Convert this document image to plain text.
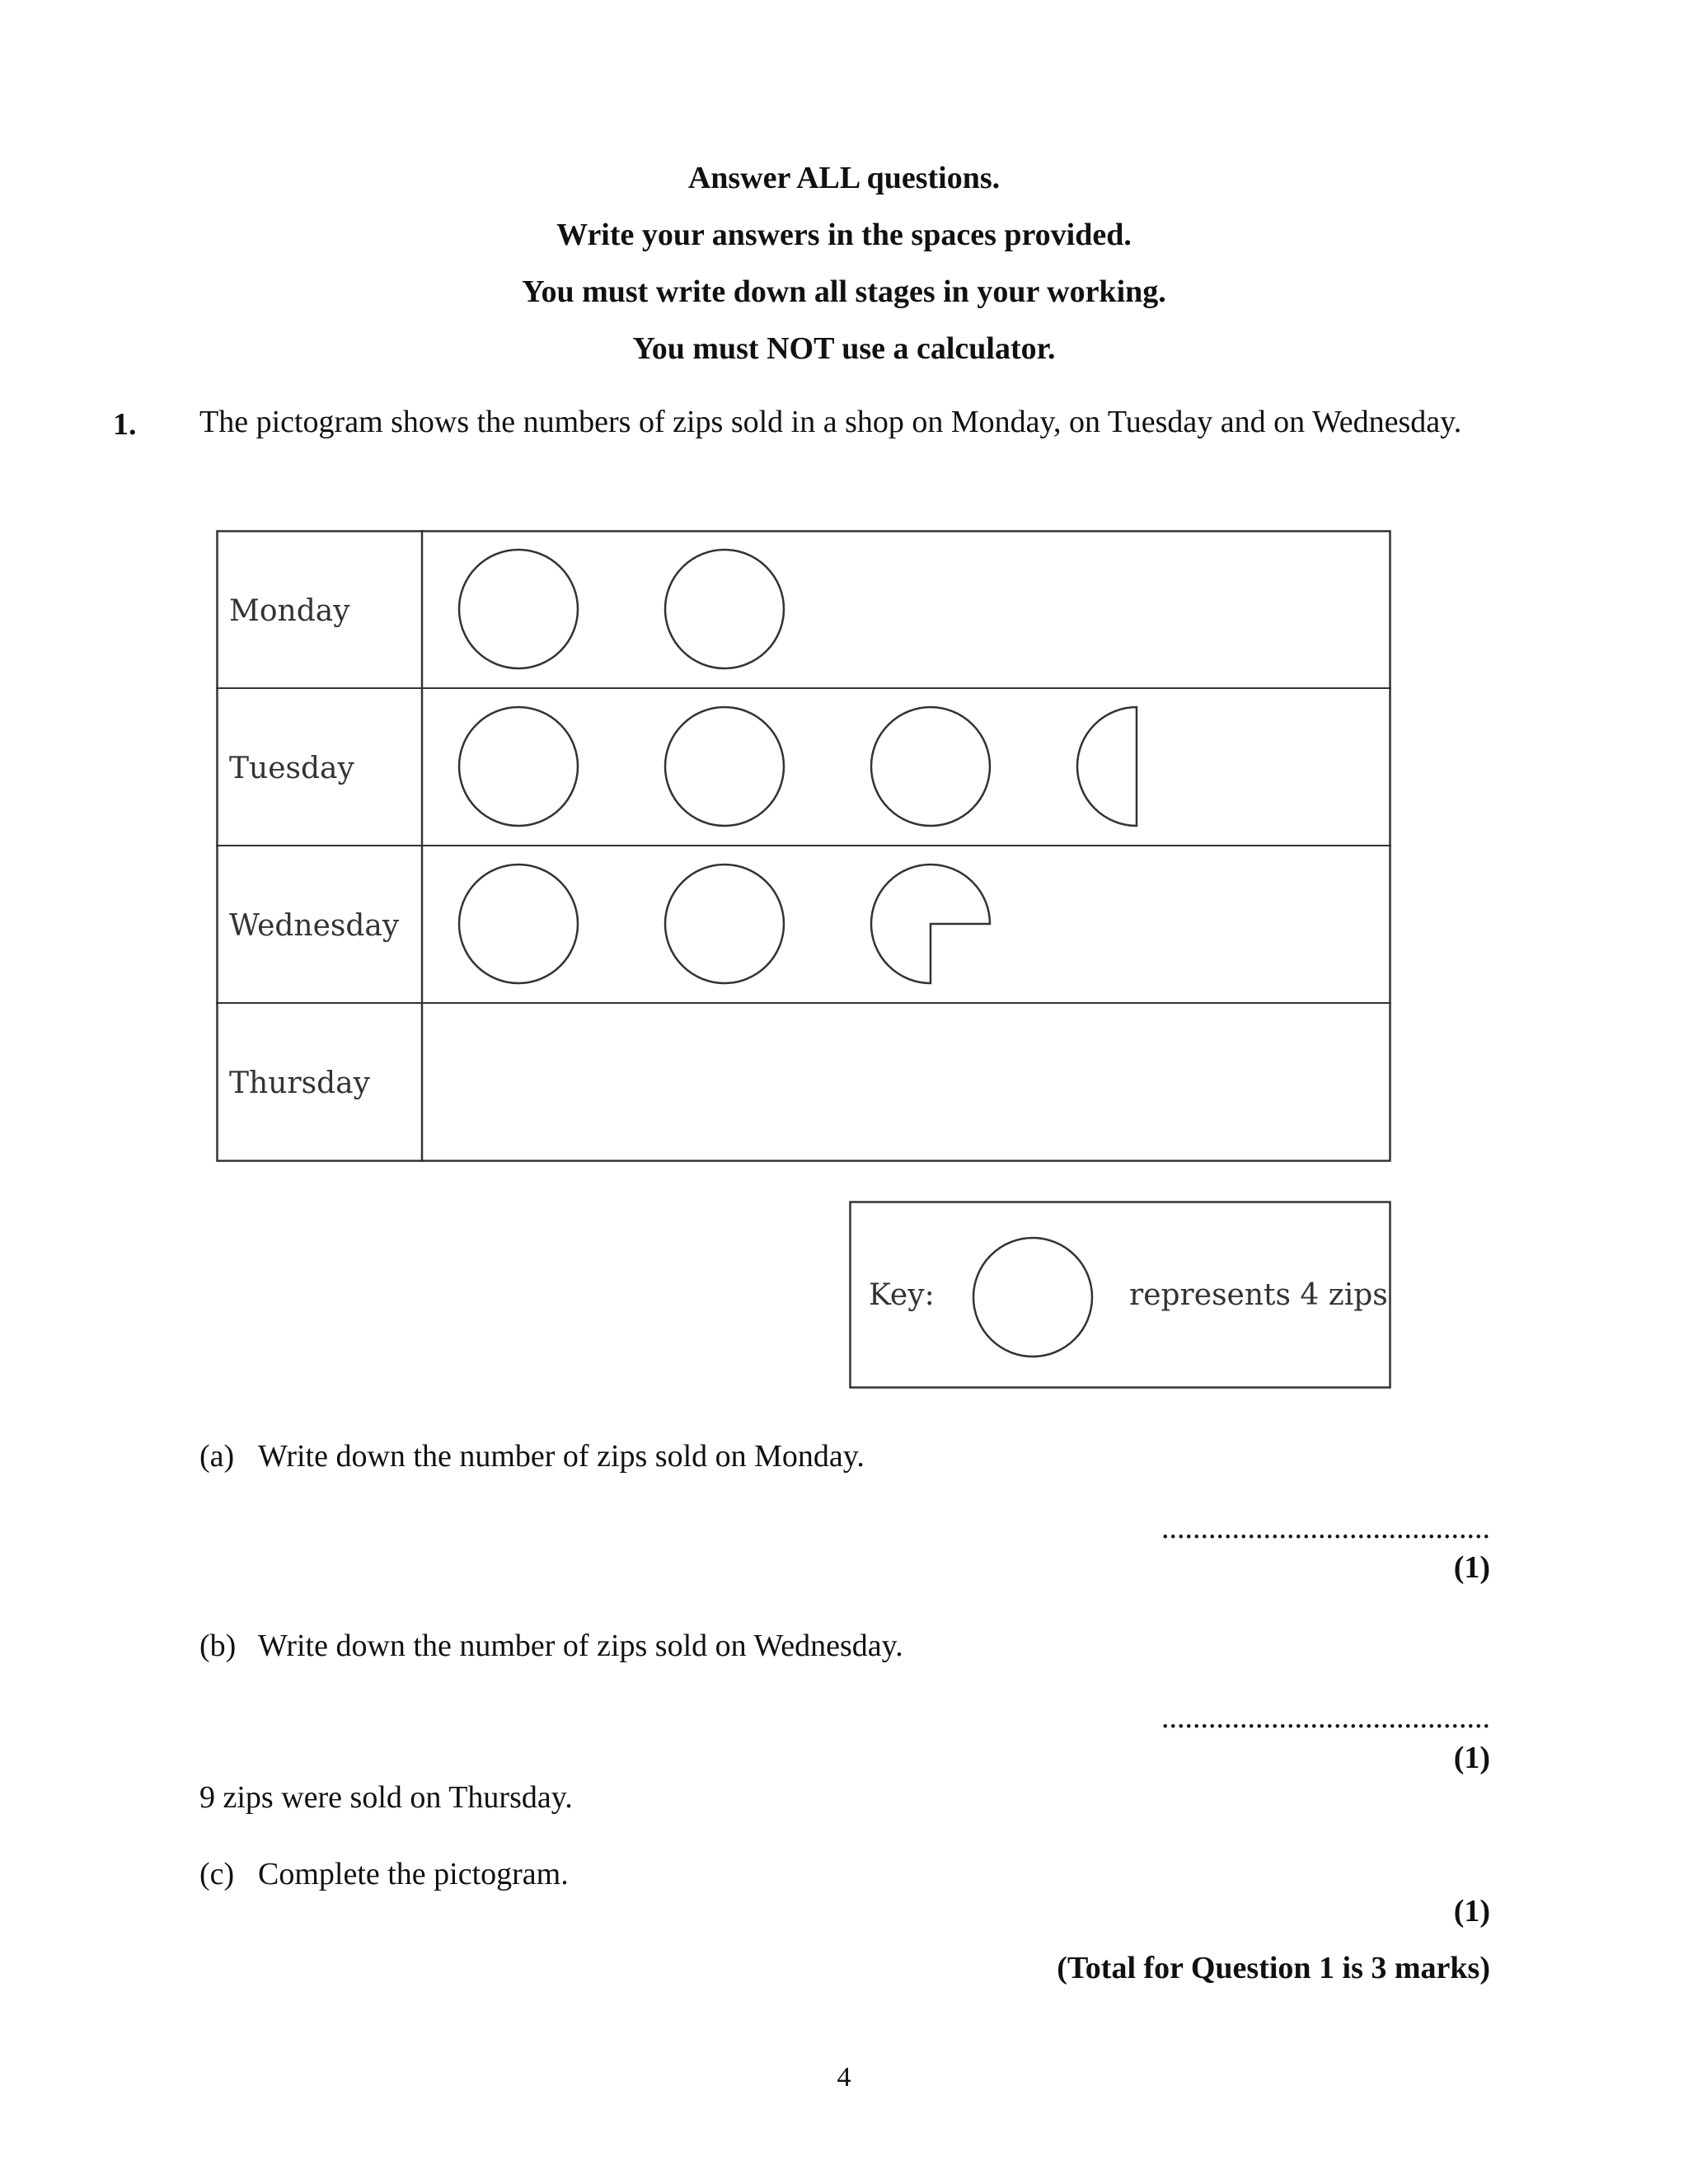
Answer ALL questions.
Write your answers in the spaces provided.
You must write down all stages in your working.
You must NOT use a calculator.
1. The pictogram shows the numbers of zips sold in a shop on Monday, on Tuesday and on Wednesday.
Monday
Tuesday
Wednesday
Thursday
Key:	represents 4 zips
(a) Write down the number of zips sold on Monday.
..........................................
(1)
(b) Write down the number of zips sold on Wednesday.
..........................................
(1)
9 zips were sold on Thursday.
(c) Complete the pictogram.
(1)
(Total for Question 1 is 3 marks)
4
